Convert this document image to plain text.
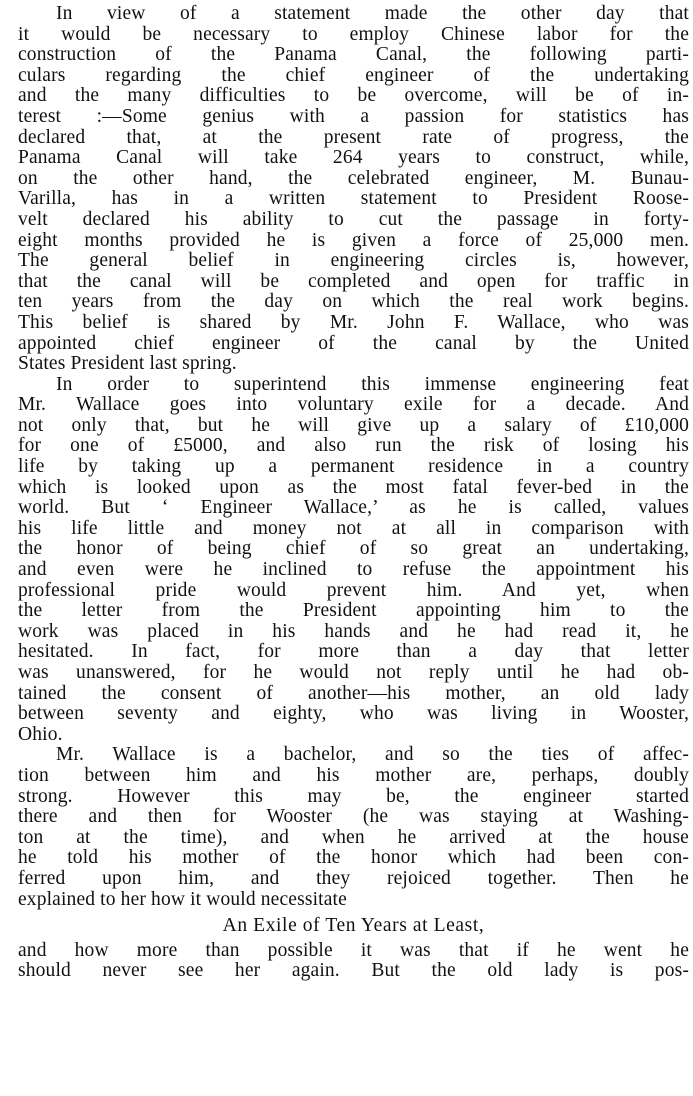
In view of a statement made the other day that
it would be necessary to employ Chinese labor for the
construction of the Panama Canal, the following parti-
culars regarding the chief engineer of the undertaking
and the many difficulties to be overcome, will be of in-
terest :—Some genius with a passion for statistics has
declared that, at the present rate of progress, the
Panama Canal will take 264 years to construct, while,
on the other hand, the celebrated engineer, M. Bunau-
Varilla, has in a written statement to President Roose-
velt declared his ability to cut the passage in forty-
eight months provided he is given a force of 25,000 men.
The general belief in engineering circles is, however,
that the canal will be completed and open for traffic in
ten years from the day on which the real work begins.
This belief is shared by Mr. John F. Wallace, who was
appointed chief engineer of the canal by the United
States President last spring.
In order to superintend this immense engineering feat
Mr. Wallace goes into voluntary exile for a decade. And
not only that, but he will give up a salary of £10,000
for one of £5000, and also run the risk of losing his
life by taking up a permanent residence in a country
which is looked upon as the most fatal fever-bed in the
world. But ‘ Engineer Wallace,’ as he is called, values
his life little and money not at all in comparison with
the honor of being chief of so great an undertaking,
and even were he inclined to refuse the appointment his
professional pride would prevent him. And yet, when
the letter from the President appointing him to the
work was placed in his hands and he had read it, he
hesitated. In fact, for more than a day that letter
was unanswered, for he would not reply until he had ob-
tained the consent of another—his mother, an old lady
between seventy and eighty, who was living in Wooster,
Ohio.
Mr. Wallace is a bachelor, and so the ties of affec-
tion between him and his mother are, perhaps, doubly
strong. However this may be, the engineer started
there and then for Wooster (he was staying at Washing-
ton at the time), and when he arrived at the house
he told his mother of the honor which had been con-
ferred upon him, and they rejoiced together. Then he
explained to her how it would necessitate
An Exile of Ten Years at Least,
and how more than possible it was that if he went he
should never see her again. But the old lady is pos-
